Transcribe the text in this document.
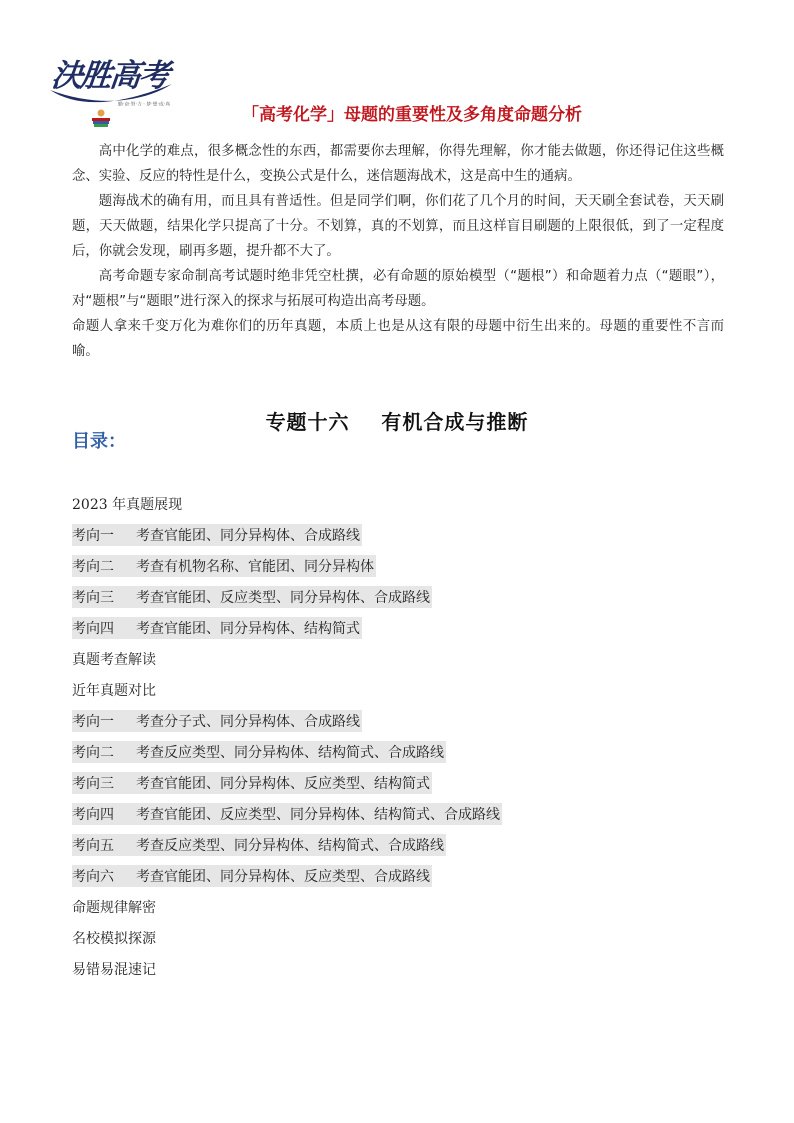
決胜高考
勤·奋·努·力 · 梦·想·成·真
「高考化学」母题的重要性及多角度命题分析

高中化学的难点，很多概念性的东西，都需要你去理解，你得先理解，你才能去做题，你还得记住这些概念、实验、反应的特性是什么，变换公式是什么，迷信题海战术，这是高中生的通病。

题海战术的确有用，而且具有普适性。但是同学们啊，你们花了几个月的时间，天天刷全套试卷，天天刷题，天天做题，结果化学只提高了十分。不划算，真的不划算，而且这样盲目刷题的上限很低，到了一定程度后，你就会发现，刷再多题，提升都不大了。

高考命题专家命制高考试题时绝非凭空杜撰，必有命题的原始模型（“题根”）和命题着力点（“题眼”），对“题根”与“题眼”进行深入的探求与拓展可构造出高考母题。

命题人拿来千变万化为难你们的历年真题，本质上也是从这有限的母题中衍生出来的。母题的重要性不言而喻。

专题十六    有机合成与推断
目录：
2023 年真题展现
考向一	考查官能团、同分异构体、合成路线
考向二	考查有机物名称、官能团、同分异构体
考向三	考查官能团、反应类型、同分异构体、合成路线
考向四	考查官能团、同分异构体、结构简式
真题考查解读
近年真题对比
考向一	考查分子式、同分异构体、合成路线
考向二	考查反应类型、同分异构体、结构简式、合成路线
考向三	考查官能团、同分异构体、反应类型、结构简式
考向四	考查官能团、反应类型、同分异构体、结构简式、合成路线
考向五	考查反应类型、同分异构体、结构简式、合成路线
考向六	考查官能团、同分异构体、反应类型、合成路线
命题规律解密
名校模拟探源
易错易混速记
